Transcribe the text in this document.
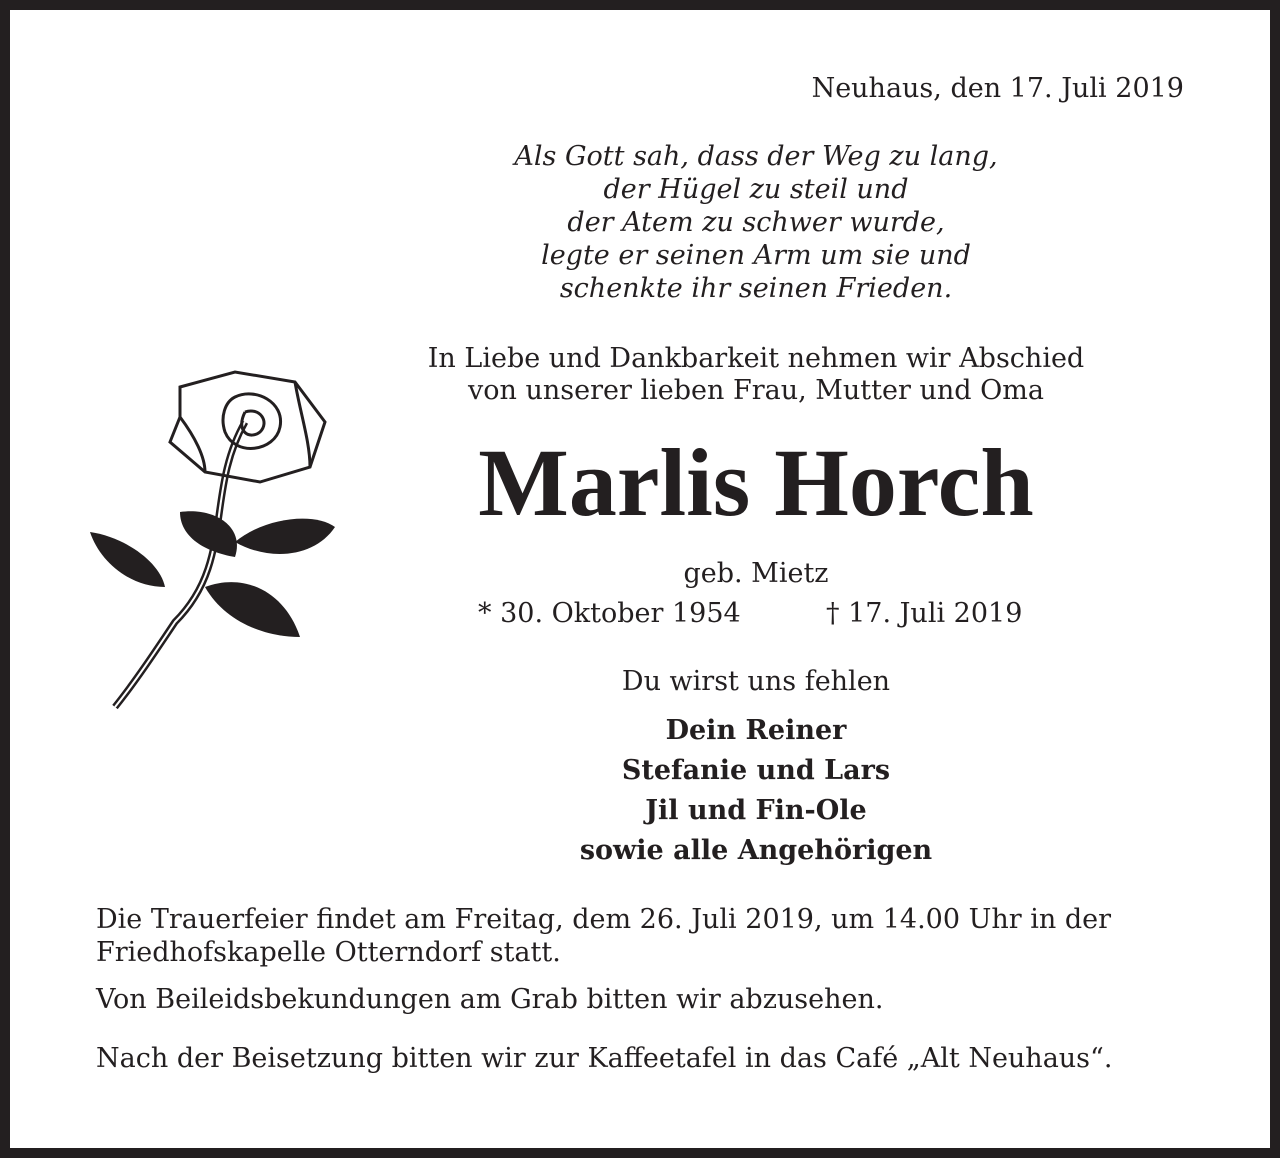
Neuhaus, den 17. Juli 2019
Als Gott sah, dass der Weg zu lang,
der Hügel zu steil und
der Atem zu schwer wurde,
legte er seinen Arm um sie und
schenkte ihr seinen Frieden.
In Liebe und Dankbarkeit nehmen wir Abschied
von unserer lieben Frau, Mutter und Oma
Marlis Horch
geb. Mietz
* 30. Oktober 1954	† 17. Juli 2019
Du wirst uns fehlen
Dein Reiner
Stefanie und Lars
Jil und Fin-Ole
sowie alle Angehörigen
Die Trauerfeier findet am Freitag, dem 26. Juli 2019, um 14.00 Uhr in der
Friedhofskapelle Otterndorf statt.
Von Beileidsbekundungen am Grab bitten wir abzusehen.
Nach der Beisetzung bitten wir zur Kaffeetafel in das Café „Alt Neuhaus“.
